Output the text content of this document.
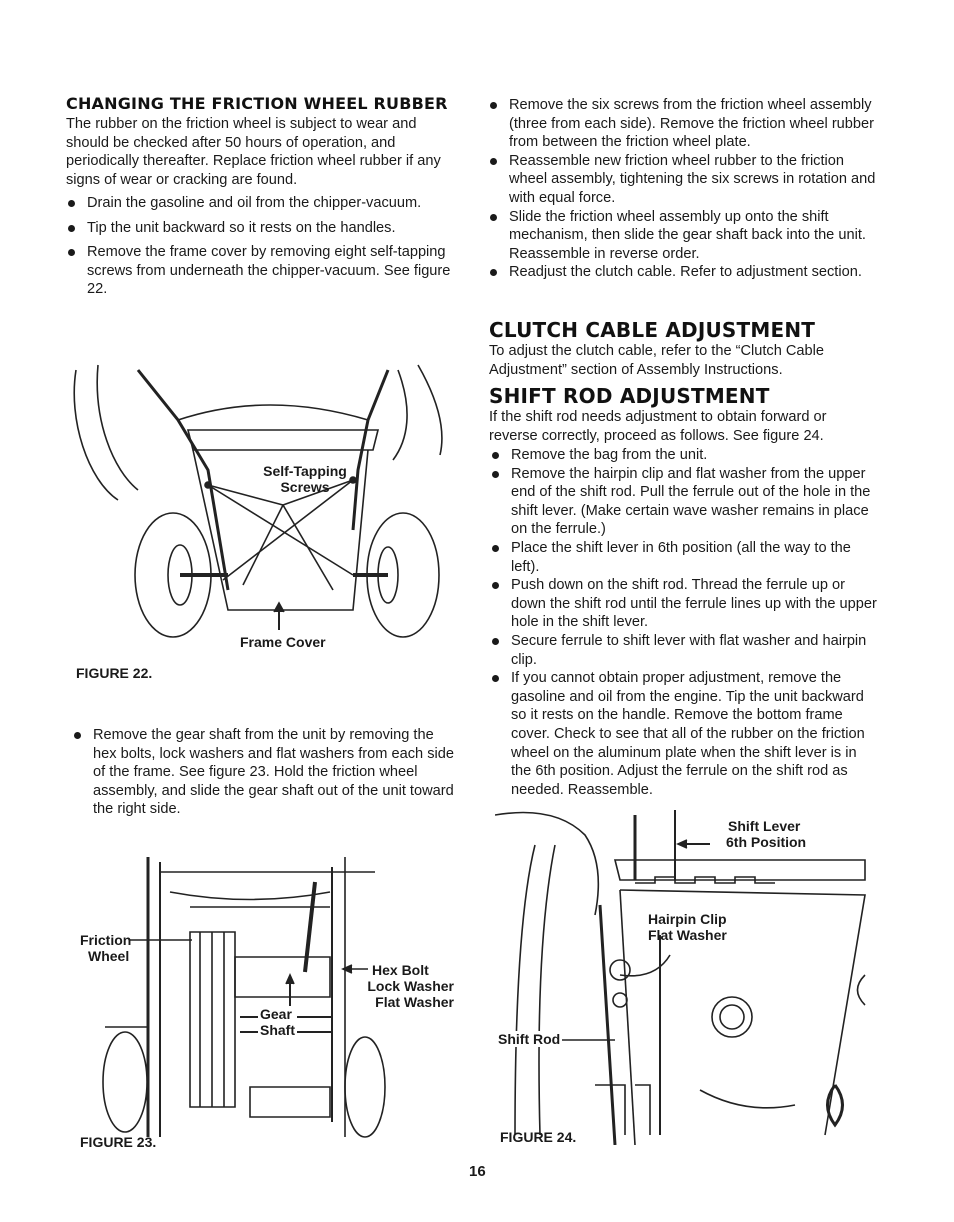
CHANGING THE FRICTION WHEEL RUBBER
The rubber on the friction wheel is subject to wear and should be checked after 50 hours of operation, and periodically thereafter. Replace friction wheel rubber if any signs of wear or cracking are found.
Drain the gasoline and oil from the chipper-vacuum.
Tip the unit backward so it rests on the handles.
Remove the frame cover by removing eight self-tapping screws from underneath the chipper-vacuum. See figure 22.
Self-Tapping
Screws
Frame Cover
FIGURE 22.
Remove the gear shaft from the unit by removing the hex bolts, lock washers and flat washers from each side of the frame. See figure 23. Hold the friction wheel assembly, and slide the gear shaft out of the unit toward the right side.
Friction
Wheel
Hex Bolt
Lock Washer
Flat Washer
Gear
Shaft
FIGURE 23.
Remove the six screws from the friction wheel assembly (three from each side). Remove the friction wheel rubber from between the friction wheel plate.
Reassemble new friction wheel rubber to the friction wheel assembly, tightening the six screws in rotation and with equal force.
Slide the friction wheel assembly up onto the shift mechanism, then slide the gear shaft back into the unit. Reassemble in reverse order.
Readjust the clutch cable. Refer to adjustment section.
CLUTCH CABLE ADJUSTMENT
To adjust the clutch cable, refer to the “Clutch Cable Adjustment” section of Assembly Instructions.
SHIFT ROD ADJUSTMENT
If the shift rod needs adjustment to obtain forward or reverse correctly, proceed as follows. See figure 24.
Remove the bag from the unit.
Remove the hairpin clip and flat washer from the upper end of the shift rod. Pull the ferrule out of the hole in the shift lever. (Make certain wave washer remains in place on the ferrule.)
Place the shift lever in 6th position (all the way to the left).
Push down on the shift rod. Thread the ferrule up or down the shift rod until the ferrule lines up with the upper hole in the shift lever.
Secure ferrule to shift lever with flat washer and hairpin clip.
If you cannot obtain proper adjustment, remove the gasoline and oil from the engine. Tip the unit backward so it rests on the handle. Remove the bottom frame cover. Check to see that all of the rubber on the friction wheel on the aluminum plate when the shift lever is in the 6th position. Adjust the ferrule on the shift rod as needed. Reassemble.
Shift Lever
6th Position
Hairpin Clip
Flat Washer
Shift Rod
FIGURE 24.
16
